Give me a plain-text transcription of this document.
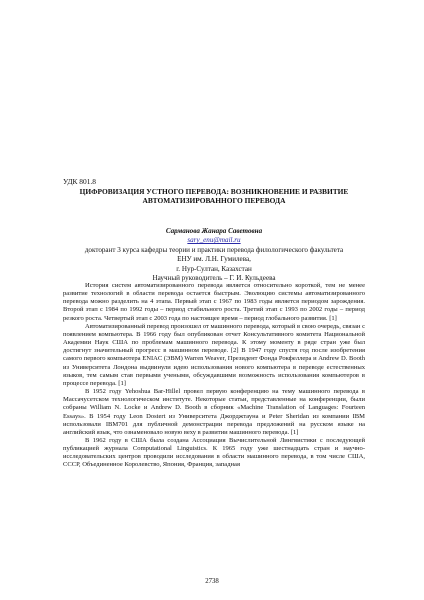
УДК 801.8
ЦИФРОВИЗАЦИЯ УСТНОГО ПЕРЕВОДА: ВОЗНИКНОВЕНИЕ И РАЗВИТИЕ АВТОМАТИЗИРОВАННОГО ПЕРЕВОДА
Сарманова Жанара Саветовна
sary_enu@mail.ru
докторант 3 курса кафедры теории и практики перевода филологического факультета
ЕНУ им. Л.Н. Гумилева,
г. Нур-Султан, Казахстан
Научный руководитель – Г. И. Кульдеева

История систем автоматизированного перевода является относительно короткой, тем не менее развитие технологий в области перевода остается быстрым. Эволюцию системы автоматизированного перевода можно разделить на 4 этапа. Первый этап с 1967 по 1983 годы является периодом зарождения. Второй этап с 1984 по 1992 годы – период стабильного роста. Третий этап с 1993 по 2002 годы – период резкого роста. Четвертый этап с 2003 года по настоящее время – период глобального развития. [1]

Автоматизированный перевод произошел от машинного перевода, который в свою очередь, связан с появлением компьютера. В 1966 году был опубликован отчет Консультативного комитета Национальной Академии Наук США по проблемам машинного перевода. К этому моменту в ряде стран уже был достигнут значительный прогресс в машинном переводе. [2] В 1947 году спустя год после изобретения самого первого компьютера ENIAC (ЭВМ) Warren Weaver, Президент Фонда Рокфеллера и Andrew D. Booth из Университета Лондона выдвинули идею использования нового компьютера в переводе естественных языков, тем самым став первыми учеными, обсуждавшими возможность использования компьютеров в процессе перевода. [1]

В 1952 году Yehoshua Bar-Hillel провел первую конференцию на тему машинного перевода в Массачусетском технологическом институте. Некоторые статьи, представленные на конференции, были собраны William N. Locke и Andrew D. Booth в сборник «Machine Translation of Languages: Fourteen Essays». В 1954 году Leon Dostert из Университета Джорджтауна и Peter Sheridan из компании IBM использовали IBM701 для публичной демонстрации перевода предложений на русском языке на английский язык, что ознаменовало новую веху в развитии машинного перевода. [1]

В 1962 году в США была создана Ассоциация Вычислительной Лингвистики с последующей публикацией журнала Computational Linguistics. К 1965 году уже шестнадцать стран и научно-исследовательских центров проводили исследования в области машинного перевода, в том числе США, СССР, Объединенное Королевство, Япония, Франция, западная

2738
